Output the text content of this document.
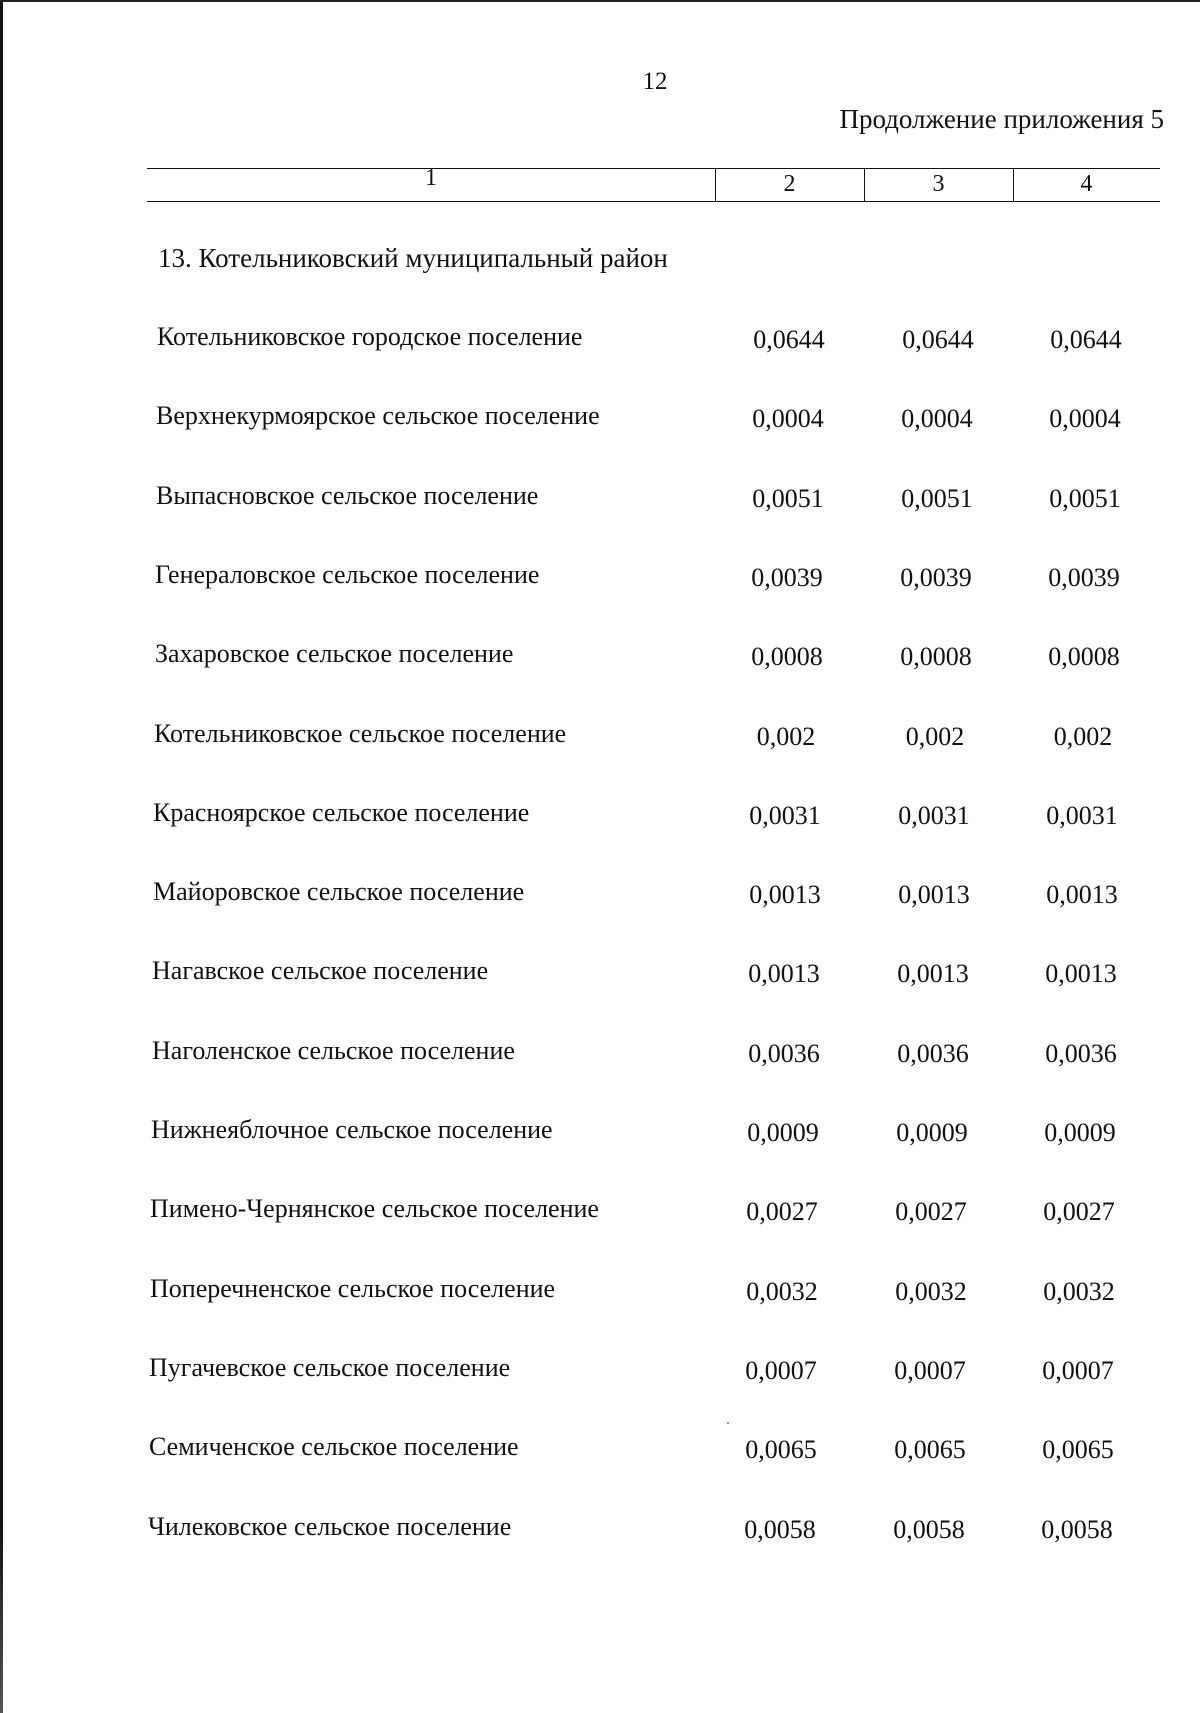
12
Продолжение приложения 5
1	2	3	4
13. Котельниковский муниципальный район
Котельниковское городское поселение	0,0644	0,0644	0,0644
Верхнекурмоярское сельское поселение	0,0004	0,0004	0,0004
Выпасновское сельское поселение	0,0051	0,0051	0,0051
Генераловское сельское поселение	0,0039	0,0039	0,0039
Захаровское сельское поселение	0,0008	0,0008	0,0008
Котельниковское сельское поселение	0,002	0,002	0,002
Красноярское сельское поселение	0,0031	0,0031	0,0031
Майоровское сельское поселение	0,0013	0,0013	0,0013
Нагавское сельское поселение	0,0013	0,0013	0,0013
Наголенское сельское поселение	0,0036	0,0036	0,0036
Нижнеяблочное сельское поселение	0,0009	0,0009	0,0009
Пимено-Чернянское сельское поселение	0,0027	0,0027	0,0027
Поперечненское сельское поселение	0,0032	0,0032	0,0032
Пугачевское сельское поселение	0,0007	0,0007	0,0007
Семиченское сельское поселение	0,0065	0,0065	0,0065
Чилековское сельское поселение	0,0058	0,0058	0,0058
